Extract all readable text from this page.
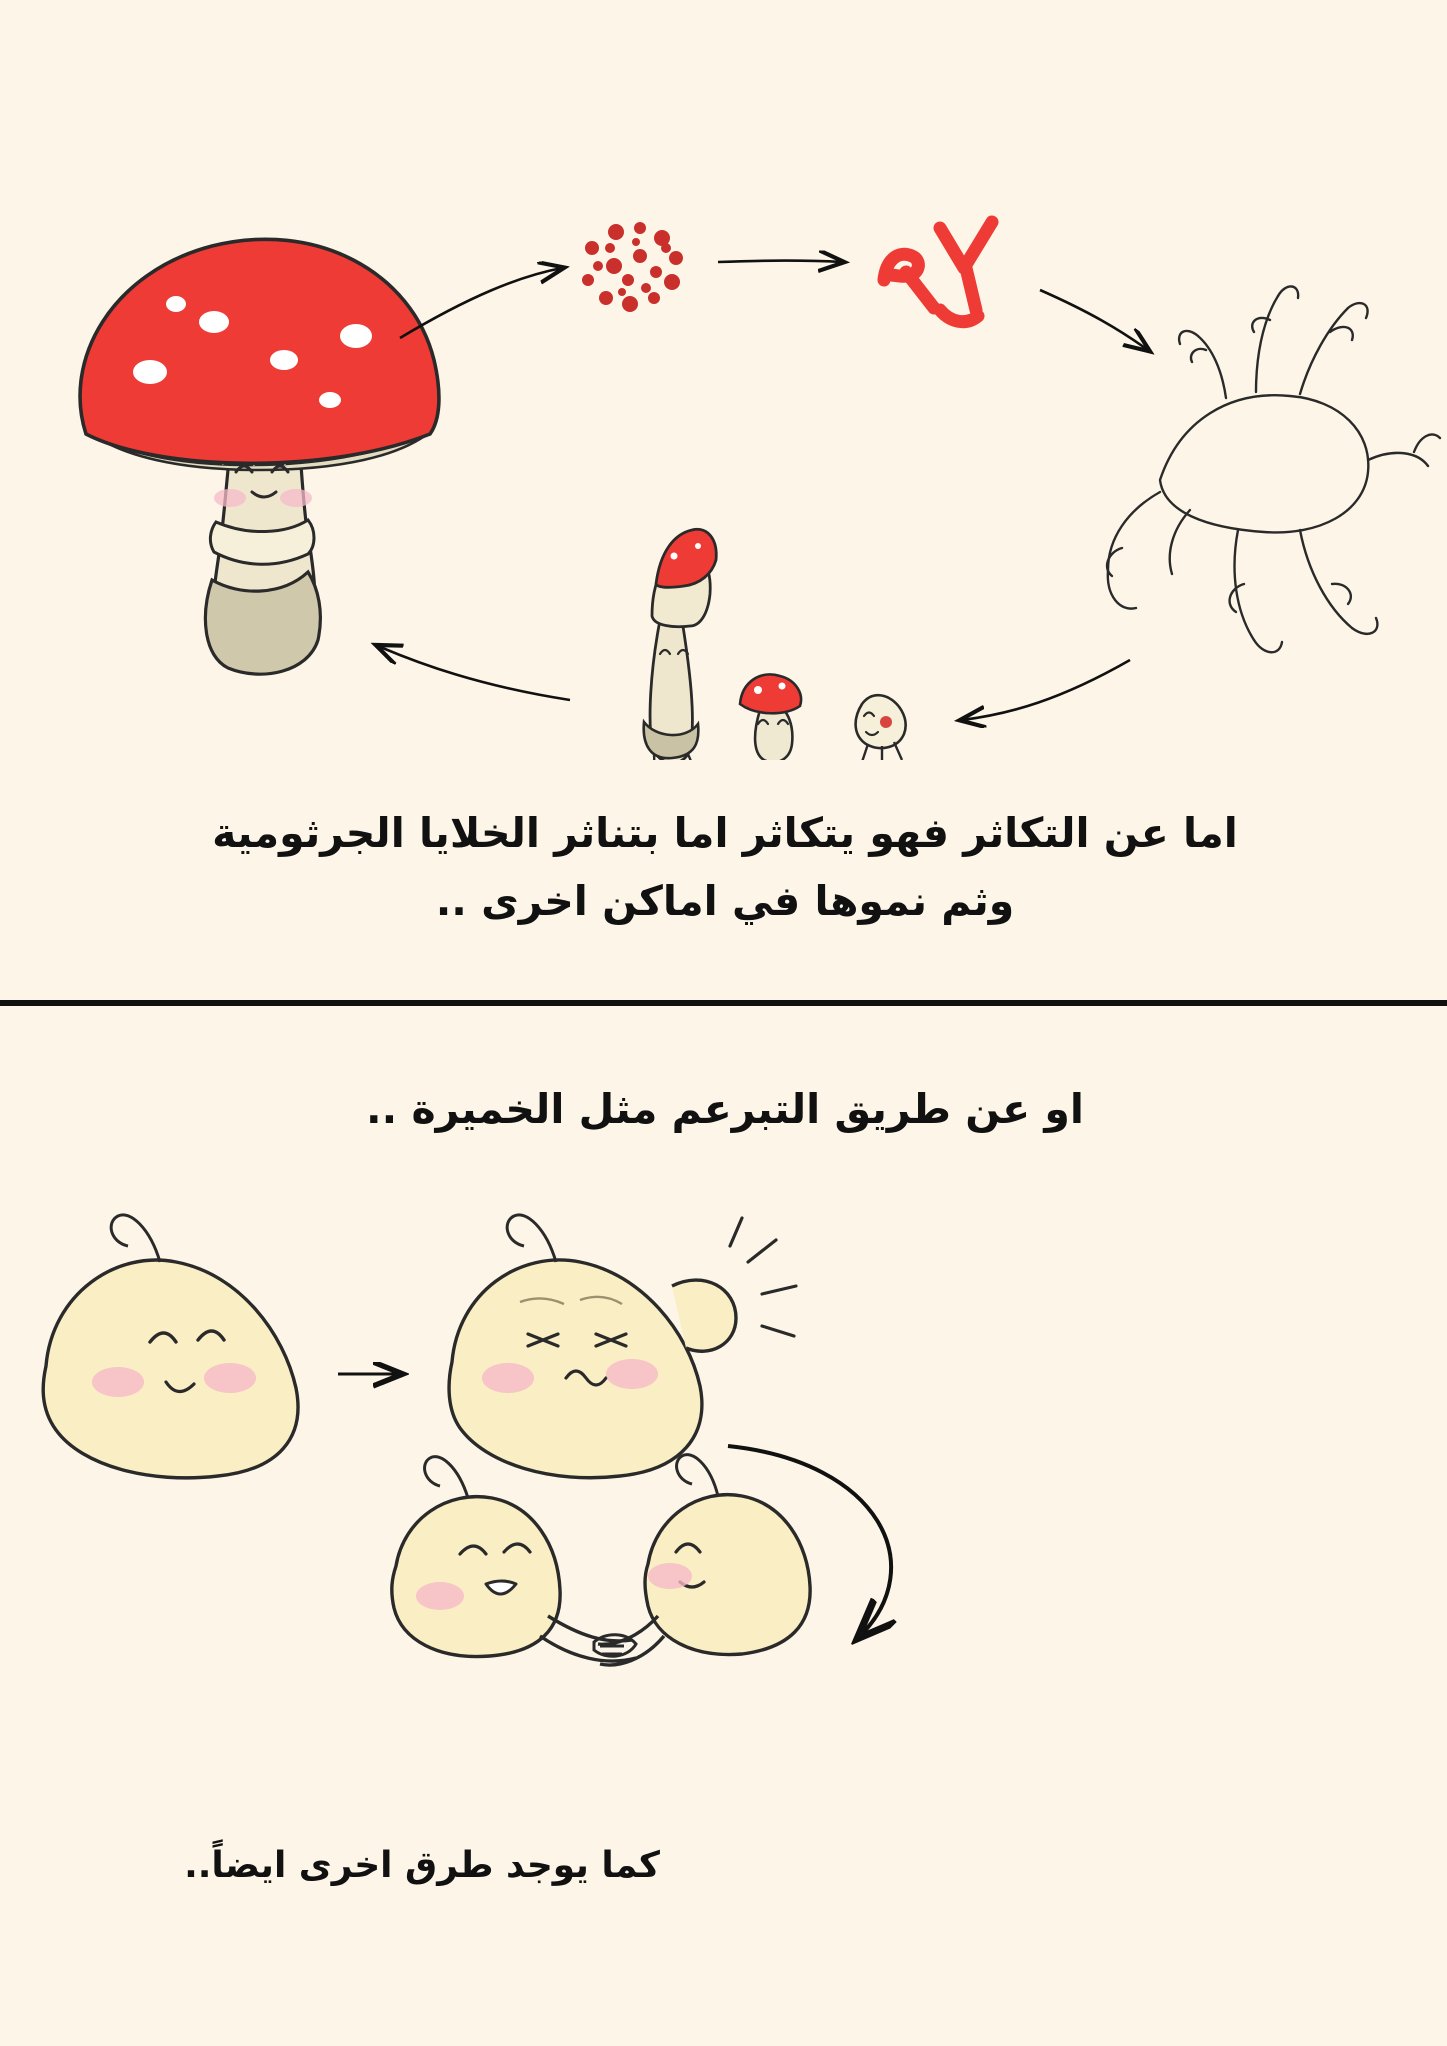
اما عن التكاثر فهو يتكاثر اما بتناثر الخلايا الجرثومية
وثم نموها في اماكن اخرى ..
او عن طريق التبرعم مثل الخميرة ..
كما يوجد طرق اخرى ايضاً..
